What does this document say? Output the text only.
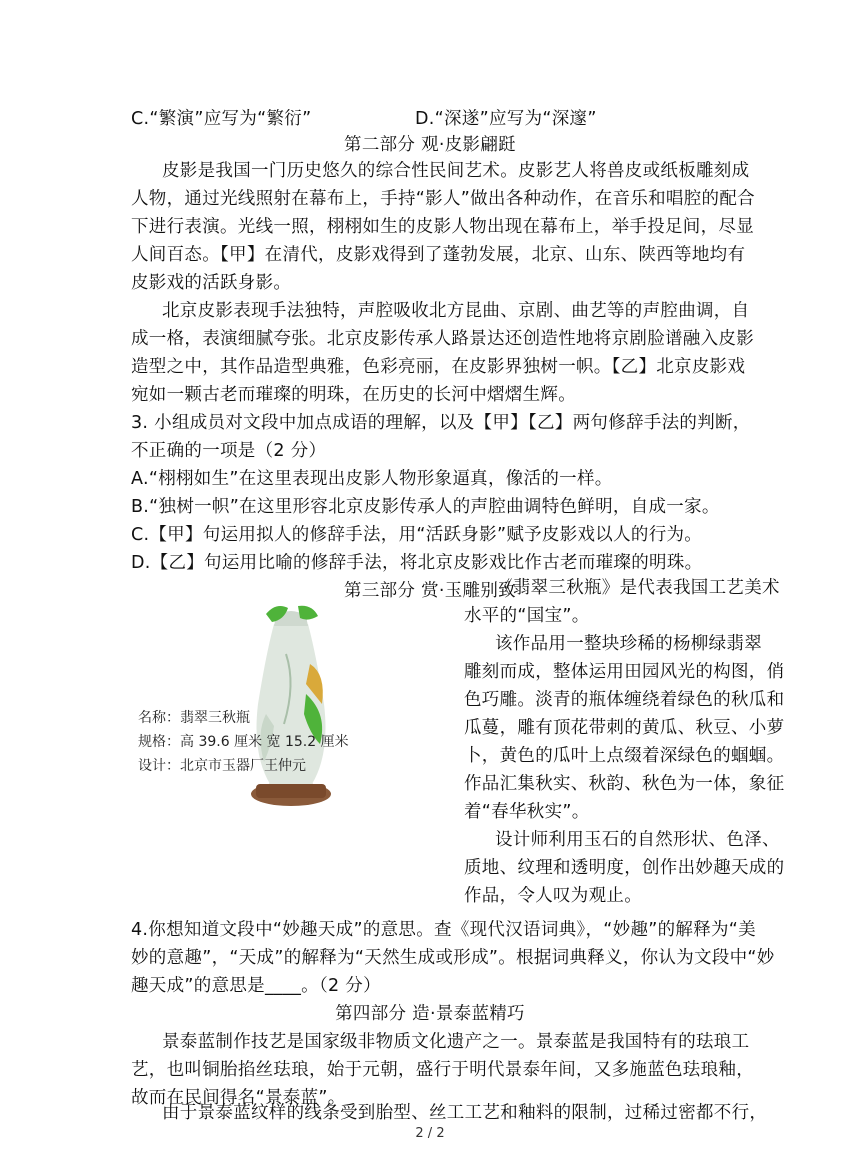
C.“繁演”应写为“繁衍”	D.“深遂”应写为“深邃”
第二部分 观·皮影翩跹
皮影是我国一门历史悠久的综合性民间艺术。皮影艺人将兽皮或纸板雕刻成
人物，通过光线照射在幕布上，手持“影人”做出各种动作，在音乐和唱腔的配合
下进行表演。光线一照，栩栩如生的皮影人物出现在幕布上，举手投足间，尽显
人间百态。【甲】在清代，皮影戏得到了蓬勃发展，北京、山东、陕西等地均有
皮影戏的活跃身影。
北京皮影表现手法独特，声腔吸收北方昆曲、京剧、曲艺等的声腔曲调，自
成一格，表演细腻夸张。北京皮影传承人路景达还创造性地将京剧脸谱融入皮影
造型之中，其作品造型典雅，色彩亮丽，在皮影界独树一帜。【乙】北京皮影戏
宛如一颗古老而璀璨的明珠，在历史的长河中熠熠生辉。
3. 小组成员对文段中加点成语的理解，以及【甲】【乙】两句修辞手法的判断，
不正确的一项是（2 分）
A.“栩栩如生”在这里表现出皮影人物形象逼真，像活的一样。
B.“独树一帜”在这里形容北京皮影传承人的声腔曲调特色鲜明，自成一家。
C.【甲】句运用拟人的修辞手法，用“活跃身影”赋予皮影戏以人的行为。
D.【乙】句运用比喻的修辞手法，将北京皮影戏比作古老而璀璨的明珠。
第三部分 赏·玉雕别致
名称：翡翠三秋瓶
规格：高 39.6 厘米 宽 15.2 厘米
设计：北京市玉器厂王仲元
《翡翠三秋瓶》是代表我国工艺美术
水平的“国宝”。
该作品用一整块珍稀的杨柳绿翡翠
雕刻而成，整体运用田园风光的构图，俏
色巧雕。淡青的瓶体缠绕着绿色的秋瓜和
瓜蔓，雕有顶花带刺的黄瓜、秋豆、小萝
卜，黄色的瓜叶上点缀着深绿色的蝈蝈。
作品汇集秋实、秋韵、秋色为一体，象征
着“春华秋实”。
设计师利用玉石的自然形状、色泽、
质地、纹理和透明度，创作出妙趣天成的
作品，令人叹为观止。
4.你想知道文段中“妙趣天成”的意思。查《现代汉语词典》，“妙趣”的解释为“美
妙的意趣”，“天成”的解释为“天然生成或形成”。根据词典释义，你认为文段中“妙
趣天成”的意思是____。（2 分）
第四部分 造·景泰蓝精巧
景泰蓝制作技艺是国家级非物质文化遗产之一。景泰蓝是我国特有的珐琅工
艺，也叫铜胎掐丝珐琅，始于元朝，盛行于明代景泰年间，又多施蓝色珐琅釉，
故而在民间得名“景泰蓝”。
由于景泰蓝纹样的线条受到胎型、丝工工艺和釉料的限制，过稀过密都不行，
2 / 2
